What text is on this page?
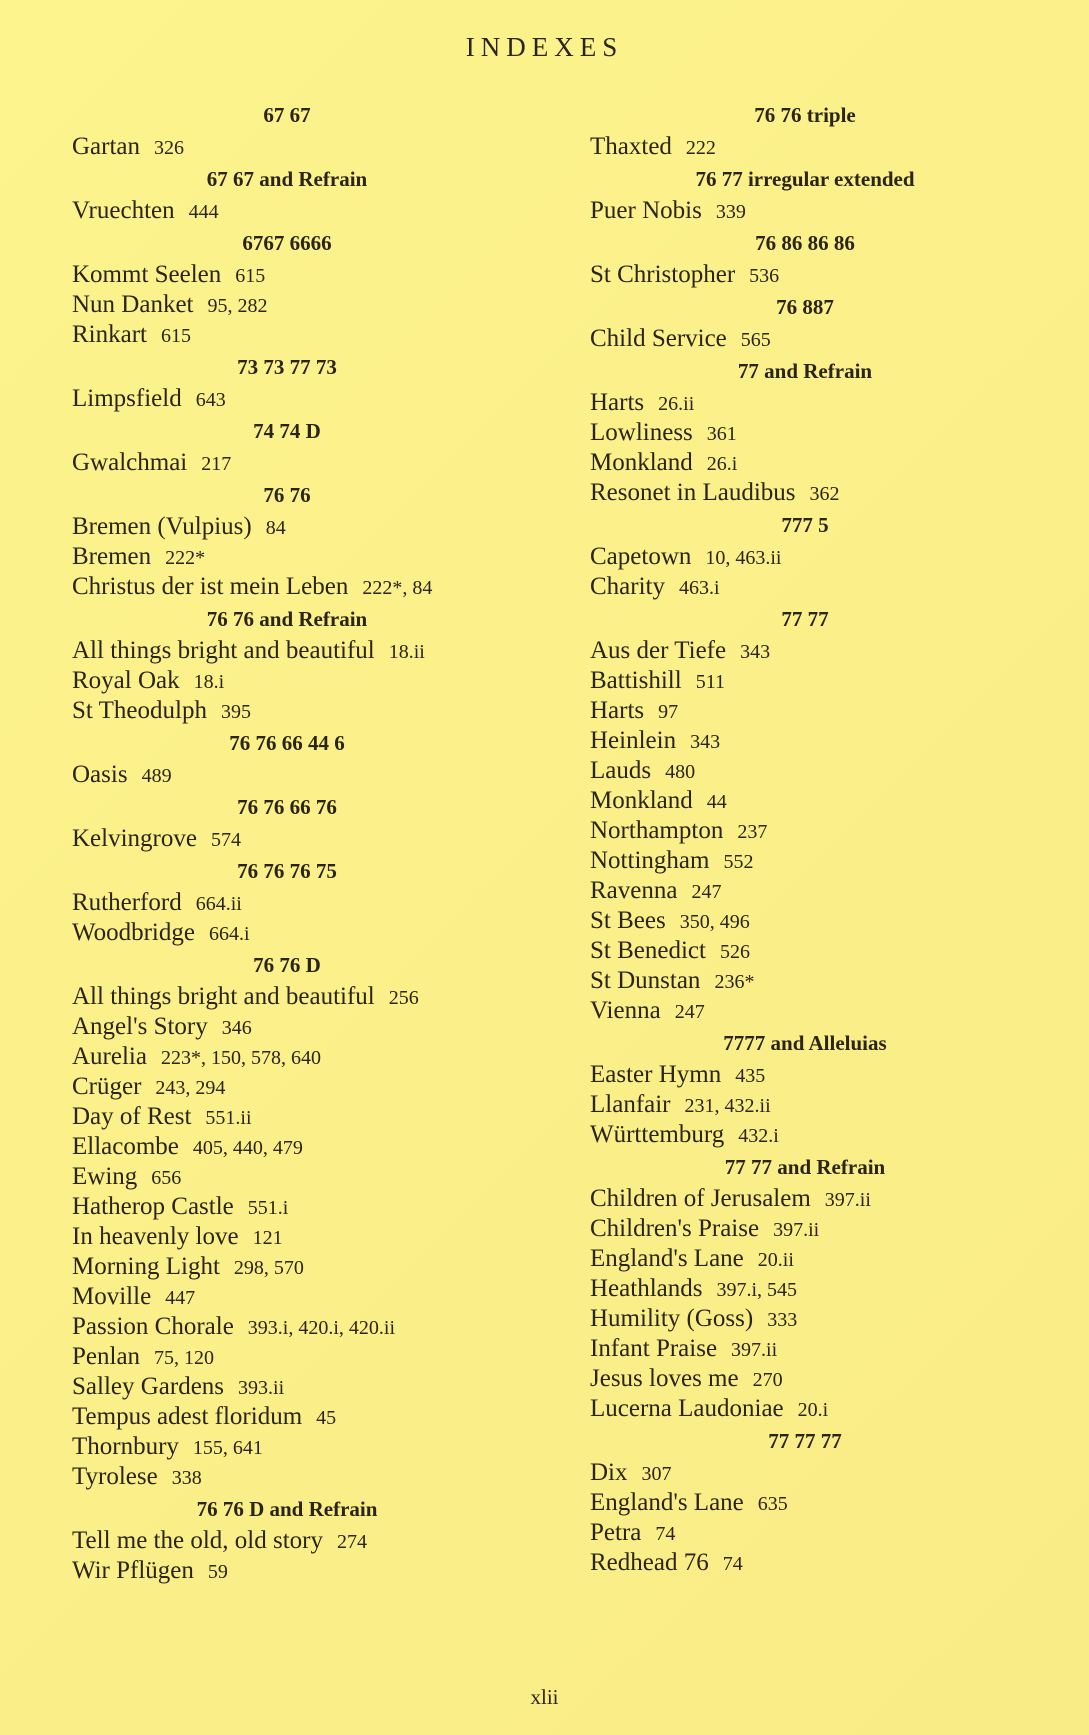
INDEXES
67 67
Gartan 326
67 67 and Refrain
Vruechten 444
6767 6666
Kommt Seelen 615
Nun Danket 95, 282
Rinkart 615
73 73 77 73
Limpsfield 643
74 74 D
Gwalchmai 217
76 76
Bremen (Vulpius) 84
Bremen 222*
Christus der ist mein Leben 222*, 84
76 76 and Refrain
All things bright and beautiful 18.ii
Royal Oak 18.i
St Theodulph 395
76 76 66 44 6
Oasis 489
76 76 66 76
Kelvingrove 574
76 76 76 75
Rutherford 664.ii
Woodbridge 664.i
76 76 D
All things bright and beautiful 256
Angel's Story 346
Aurelia 223*, 150, 578, 640
Crüger 243, 294
Day of Rest 551.ii
Ellacombe 405, 440, 479
Ewing 656
Hatherop Castle 551.i
In heavenly love 121
Morning Light 298, 570
Moville 447
Passion Chorale 393.i, 420.i, 420.ii
Penlan 75, 120
Salley Gardens 393.ii
Tempus adest floridum 45
Thornbury 155, 641
Tyrolese 338
76 76 D and Refrain
Tell me the old, old story 274
Wir Pflügen 59
76 76 triple
Thaxted 222
76 77 irregular extended
Puer Nobis 339
76 86 86 86
St Christopher 536
76 887
Child Service 565
77 and Refrain
Harts 26.ii
Lowliness 361
Monkland 26.i
Resonet in Laudibus 362
777 5
Capetown 10, 463.ii
Charity 463.i
77 77
Aus der Tiefe 343
Battishill 511
Harts 97
Heinlein 343
Lauds 480
Monkland 44
Northampton 237
Nottingham 552
Ravenna 247
St Bees 350, 496
St Benedict 526
St Dunstan 236*
Vienna 247
7777 and Alleluias
Easter Hymn 435
Llanfair 231, 432.ii
Württemburg 432.i
77 77 and Refrain
Children of Jerusalem 397.ii
Children's Praise 397.ii
England's Lane 20.ii
Heathlands 397.i, 545
Humility (Goss) 333
Infant Praise 397.ii
Jesus loves me 270
Lucerna Laudoniae 20.i
77 77 77
Dix 307
England's Lane 635
Petra 74
Redhead 76 74
xlii
